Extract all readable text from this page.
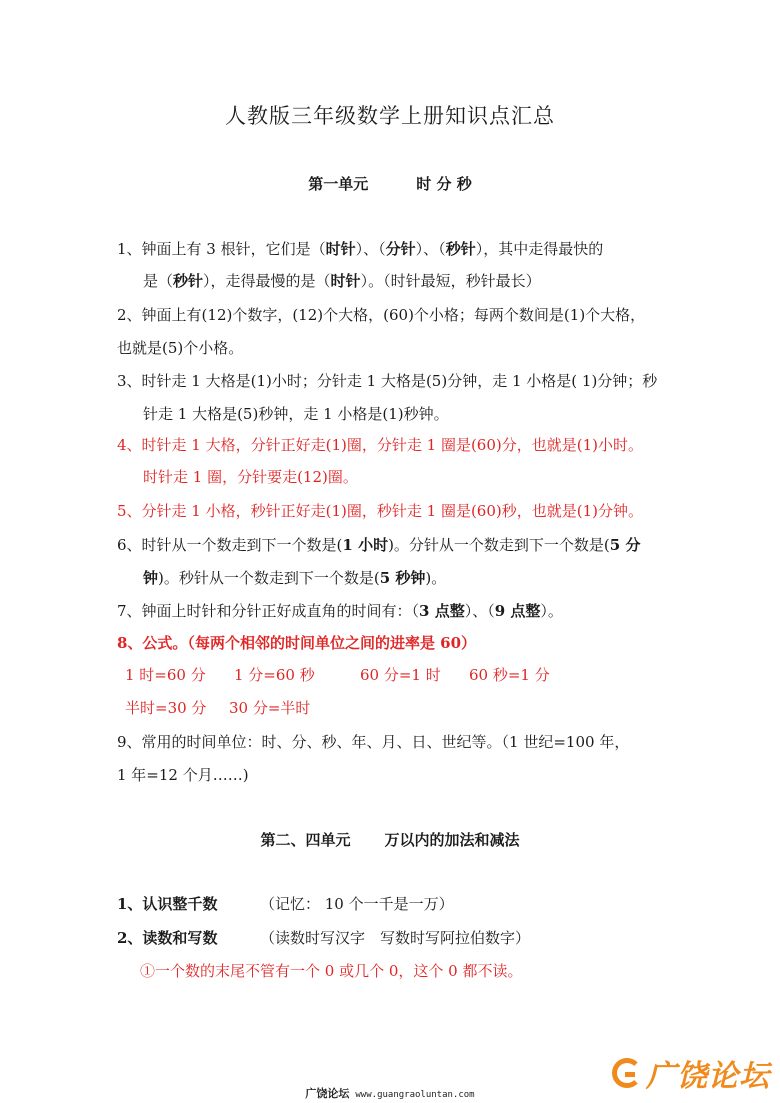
人教版三年级数学上册知识点汇总
第一单元	时 分 秒
1、钟面上有 3 根针，它们是（时针）、（分针）、（秒针），其中走得最快的
是（秒针），走得最慢的是（时针）。（时针最短，秒针最长）
2、钟面上有(12)个数字，(12)个大格，(60)个小格；每两个数间是(1)个大格，
也就是(5)个小格。
3、时针走 1 大格是(1)小时；分针走 1 大格是(5)分钟，走 1 小格是( 1)分钟；秒
针走 1 大格是(5)秒钟，走 1 小格是(1)秒钟。
4、时针走 1 大格，分针正好走(1)圈，分针走 1 圈是(60)分，也就是(1)小时。
时针走 1 圈，分针要走(12)圈。
5、分针走 1 小格，秒针正好走(1)圈，秒针走 1 圈是(60)秒，也就是(1)分钟。
6、时针从一个数走到下一个数是(1 小时)。分针从一个数走到下一个数是(5 分
钟)。秒针从一个数走到下一个数是(5 秒钟)。
7、钟面上时针和分针正好成直角的时间有：（3 点整）、（9 点整）。
8、公式。（每两个相邻的时间单位之间的进率是 60）
1 时=60 分 1 分=60 秒	60 分=1 时 60 秒=1 分
半时=30 分 30 分=半时
9、常用的时间单位：时、分、秒、年、月、日、世纪等。（1 世纪=100 年，
1 年=12 个月……)
第二、四单元 万以内的加法和减法
1、认识整千数	（记忆： 10 个一千是一万）
2、读数和写数	（读数时写汉字　写数时写阿拉伯数字）
①一个数的末尾不管有一个 0 或几个 0，这个 0 都不读。
广饶论坛 www.guangraoluntan.com
广饶论坛
